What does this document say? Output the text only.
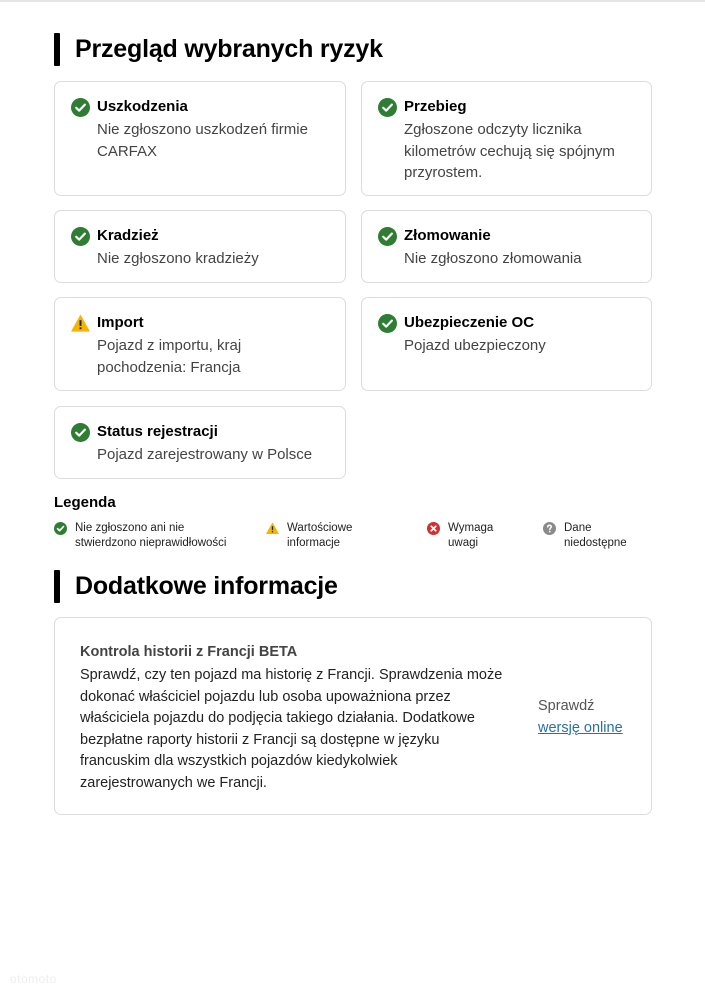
Przegląd wybranych ryzyk
Uszkodzenia
Nie zgłoszono uszkodzeń firmie
CARFAX
Przebieg
Zgłoszone odczyty licznika
kilometrów cechują się spójnym
przyrostem.
Kradzież
Nie zgłoszono kradzieży
Złomowanie
Nie zgłoszono złomowania
Import
Pojazd z importu, kraj
pochodzenia: Francja
Ubezpieczenie OC
Pojazd ubezpieczony
Status rejestracji
Pojazd zarejestrowany w Polsce
Legenda
Nie zgłoszono ani nie
stwierdzono nieprawidłowości
Wartościowe
informacje
Wymaga
uwagi
Dane
niedostępne
Dodatkowe informacje
Kontrola historii z Francji BETA
Sprawdź, czy ten pojazd ma historię z Francji. Sprawdzenia może
dokonać właściciel pojazdu lub osoba upoważniona przez
właściciela pojazdu do podjęcia takiego działania. Dodatkowe
bezpłatne raporty historii z Francji są dostępne w języku
francuskim dla wszystkich pojazdów kiedykolwiek
zarejestrowanych we Francji.
Sprawdź
wersję online
otomoto
